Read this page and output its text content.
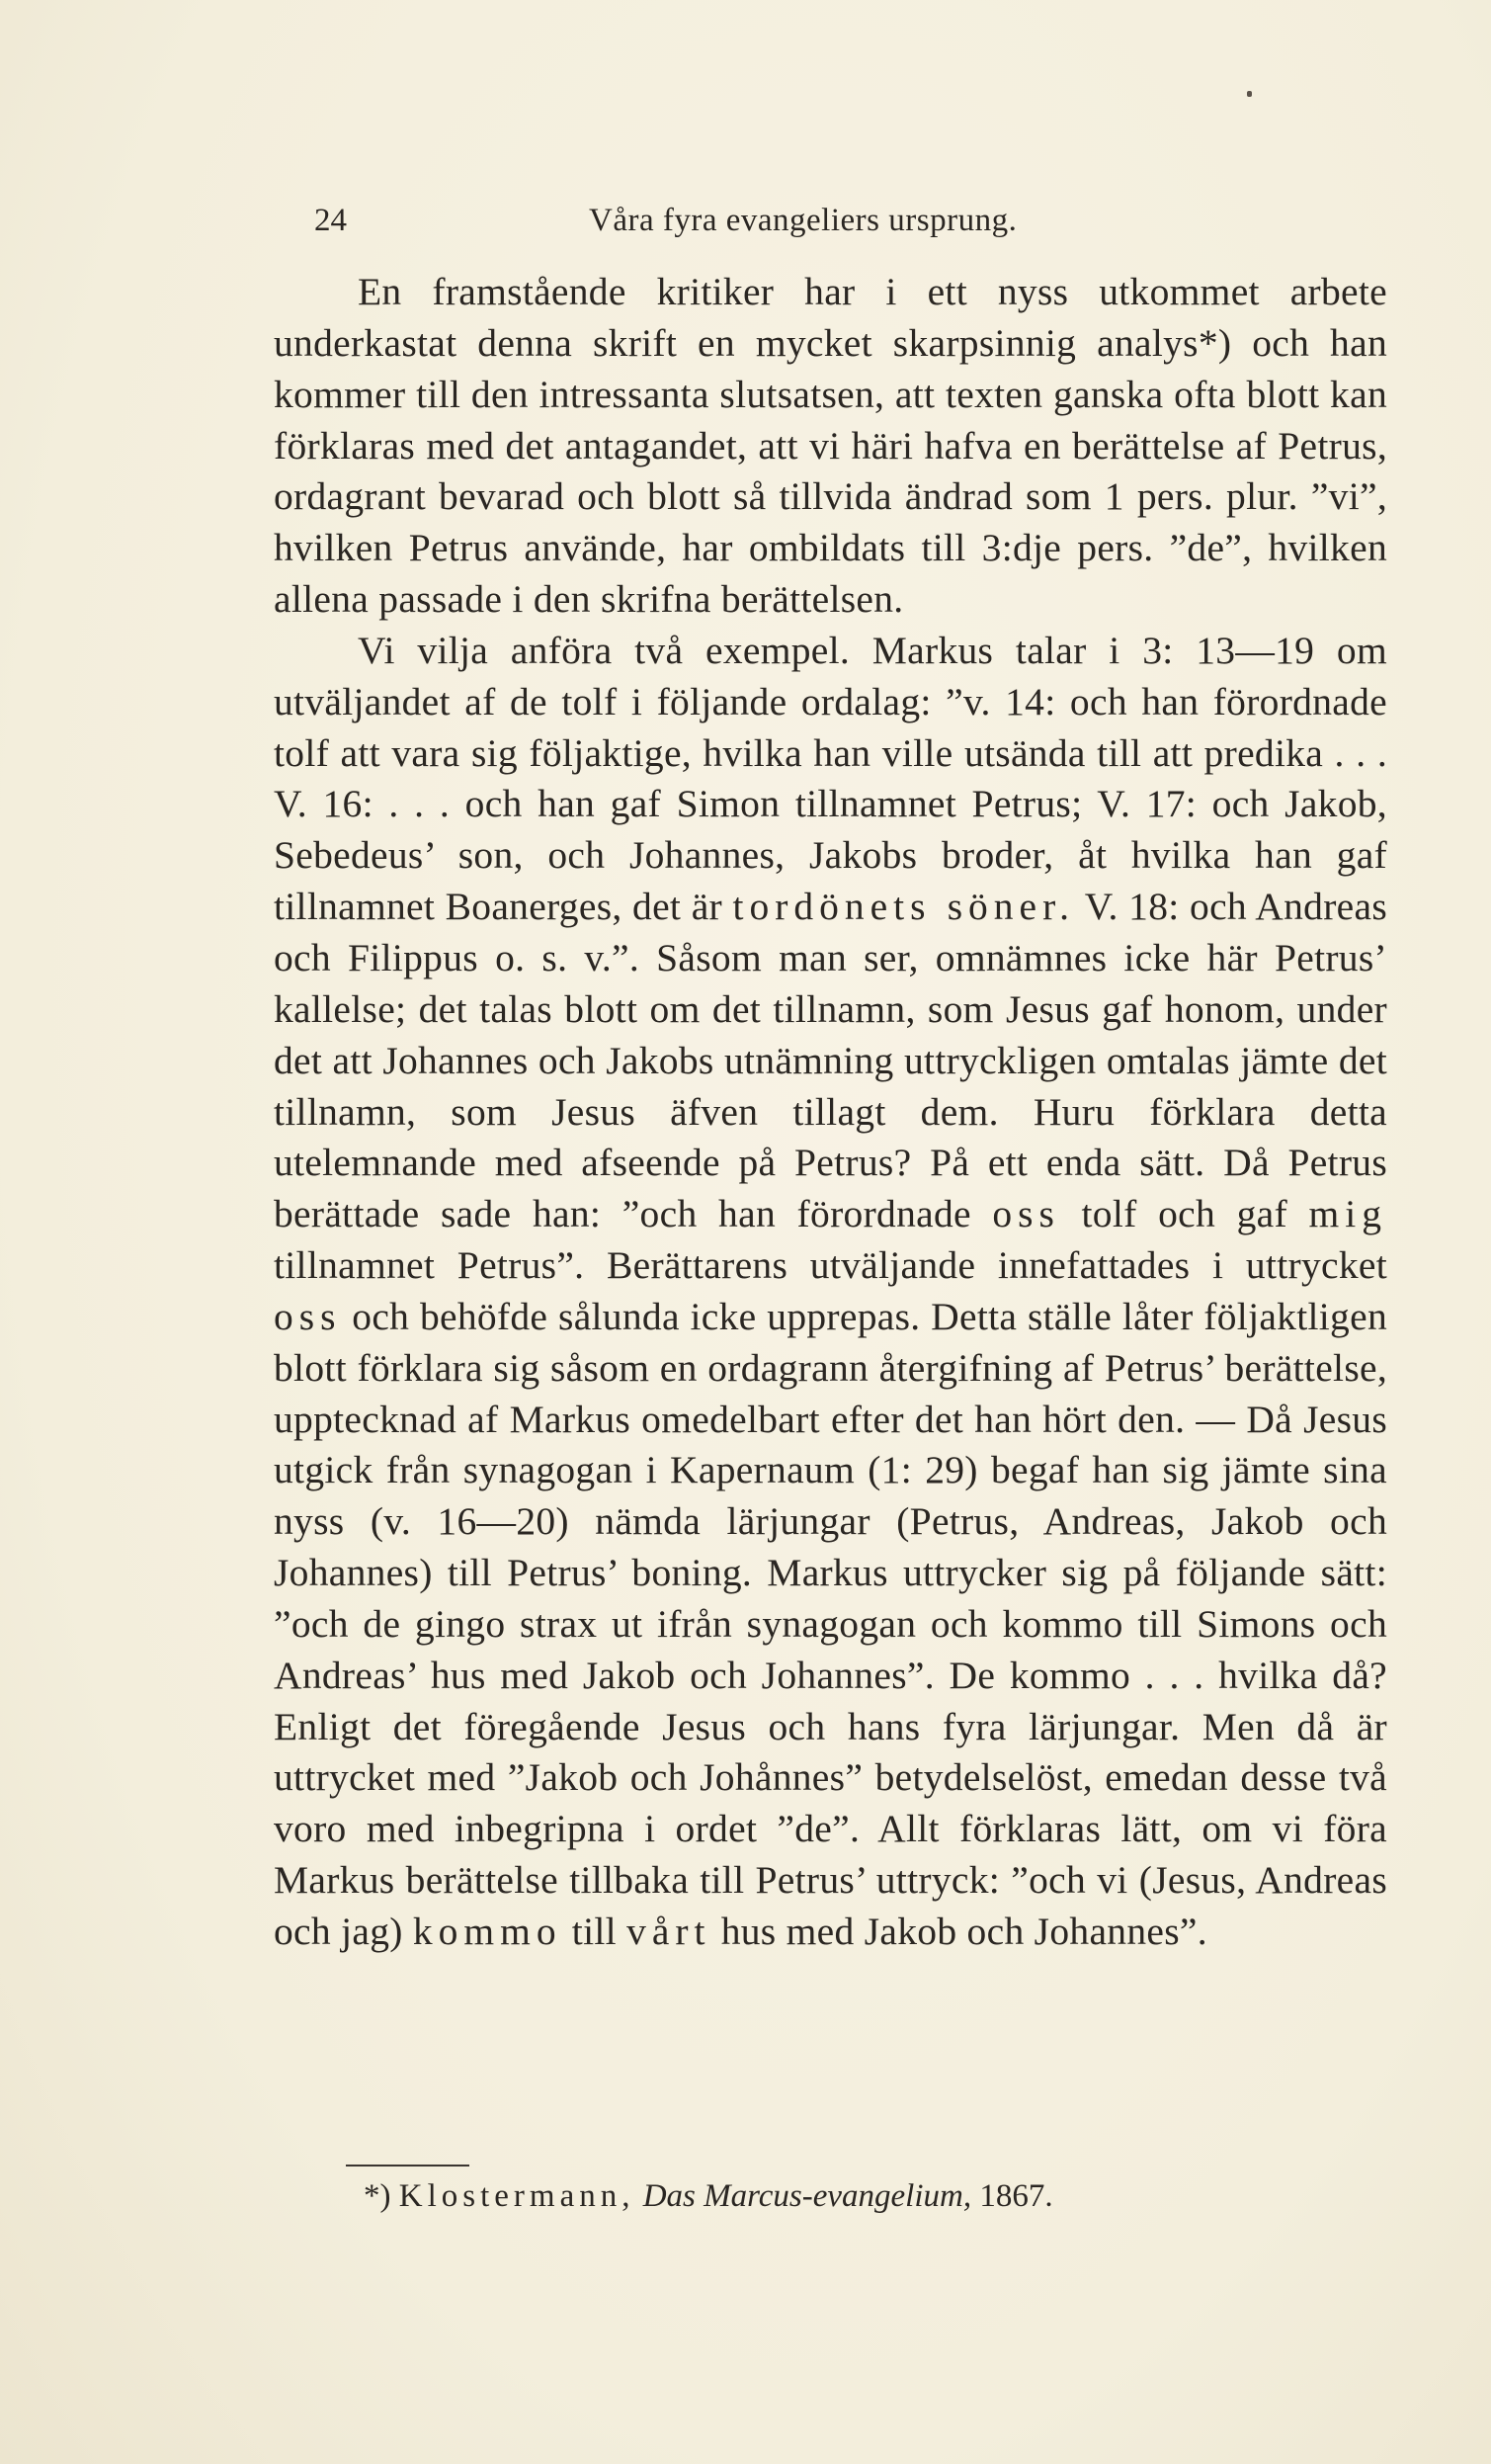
24	Våra fyra evangeliers ursprung.

En framstående kritiker har i ett nyss utkommet arbete underkastat denna skrift en mycket skarpsinnig analys*) och han kommer till den intressanta slutsatsen, att texten ganska ofta blott kan förklaras med det antagandet, att vi häri hafva en berättelse af Petrus, ordagrant bevarad och blott så tillvida ändrad som 1 pers. plur. ”vi”, hvilken Petrus använde, har ombildats till 3:dje pers. ”de”, hvilken allena passade i den skrifna berättelsen.

Vi vilja anföra två exempel. Markus talar i 3: 13—19 om utväljandet af de tolf i följande ordalag: ”v. 14: och han förordnade tolf att vara sig följaktige, hvilka han ville utsända till att predika . . . V. 16: . . . och han gaf Simon tillnamnet Petrus; V. 17: och Jakob, Sebedeus’ son, och Johannes, Jakobs broder, åt hvilka han gaf tillnamnet Boanerges, det är tordönets söner. V. 18: och Andreas och Filippus o. s. v.”. Såsom man ser, omnämnes icke här Petrus’ kallelse; det talas blott om det tillnamn, som Jesus gaf honom, under det att Johannes och Jakobs utnämning uttryckligen omtalas jämte det tillnamn, som Jesus äfven tillagt dem. Huru förklara detta utelemnande med afseende på Petrus? På ett enda sätt. Då Petrus berättade sade han: ”och han förordnade oss tolf och gaf mig tillnamnet Petrus”. Berättarens utväljande innefattades i uttrycket oss och behöfde sålunda icke upprepas. Detta ställe låter följaktligen blott förklara sig såsom en ordagrann återgifning af Petrus’ berättelse, upptecknad af Markus omedelbart efter det han hört den. — Då Jesus utgick från synagogan i Kapernaum (1: 29) begaf han sig jämte sina nyss (v. 16—20) nämda lärjungar (Petrus, Andreas, Jakob och Johannes) till Petrus’ boning. Markus uttrycker sig på följande sätt: ”och de gingo strax ut ifrån synagogan och kommo till Simons och Andreas’ hus med Jakob och Johannes”. De kommo . . . hvilka då? Enligt det föregående Jesus och hans fyra lärjungar. Men då är uttrycket med ”Jakob och Johånnes” betydelselöst, emedan desse två voro med inbegripna i ordet ”de”. Allt förklaras lätt, om vi föra Markus berättelse tillbaka till Petrus’ uttryck: ”och vi (Jesus, Andreas och jag) kommo till vårt hus med Jakob och Johannes”.

*) Klostermann, Das Marcus-evangelium, 1867.
